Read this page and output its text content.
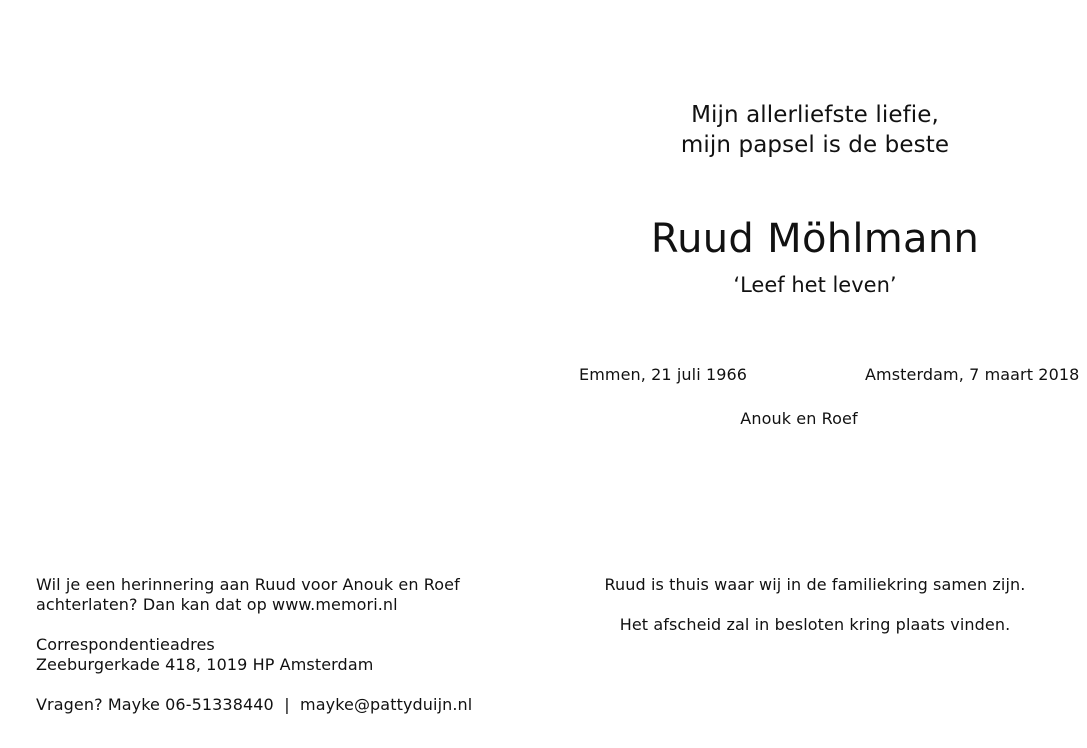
Wil je een herinnering aan Ruud voor Anouk en Roef
achterlaten? Dan kan dat op www.memori.nl
Correspondentieadres
Zeeburgerkade 418, 1019 HP Amsterdam
Vragen? Mayke 06-51338440  |  mayke@pattyduijn.nl
Mijn allerliefste liefie,
mijn papsel is de beste
Ruud Möhlmann
‘Leef het leven’
Emmen, 21 juli 1966	Amsterdam, 7 maart 2018
Anouk en Roef
Ruud is thuis waar wij in de familiekring samen zijn.
Het afscheid zal in besloten kring plaats vinden.
